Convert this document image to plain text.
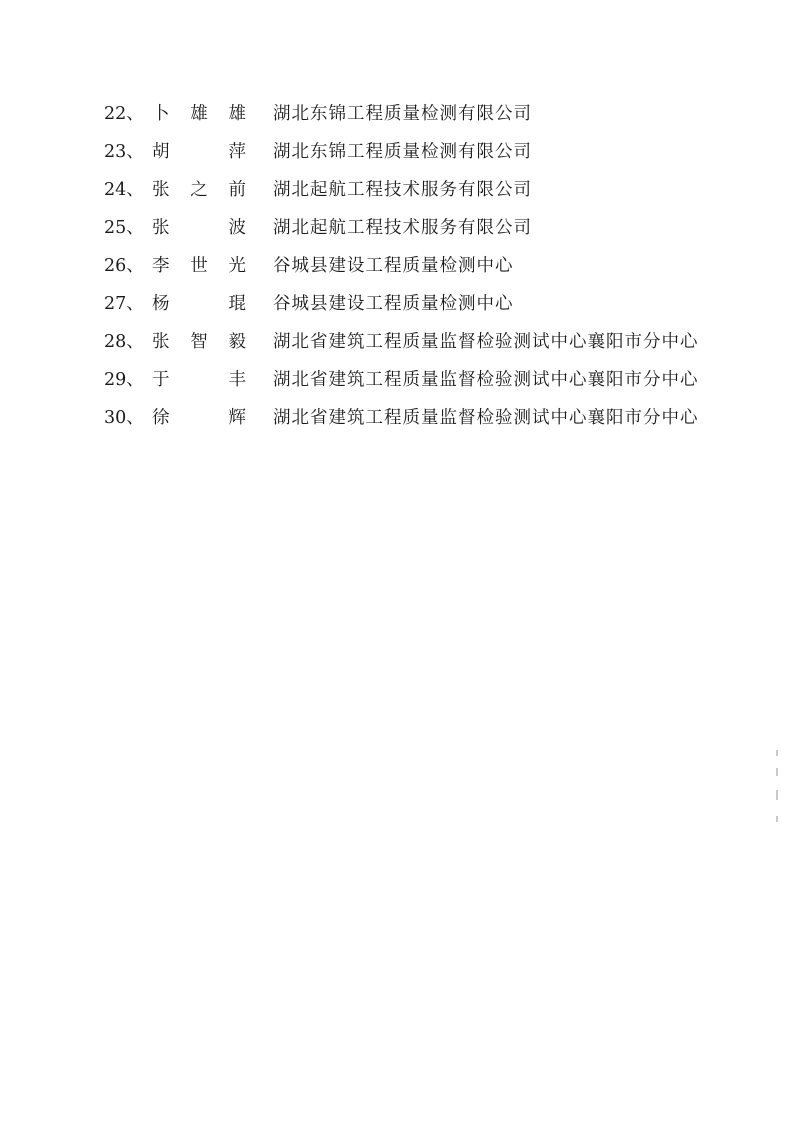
22、 卜 雄 雄 湖北东锦工程质量检测有限公司
23、 胡	萍 湖北东锦工程质量检测有限公司
24、 张 之 前 湖北起航工程技术服务有限公司
25、 张	波 湖北起航工程技术服务有限公司
26、 李 世 光 谷城县建设工程质量检测中心
27、 杨	琨 谷城县建设工程质量检测中心
28、 张 智 毅 湖北省建筑工程质量监督检验测试中心襄阳市分中心
29、 于	丰 湖北省建筑工程质量监督检验测试中心襄阳市分中心
30、 徐	辉 湖北省建筑工程质量监督检验测试中心襄阳市分中心
